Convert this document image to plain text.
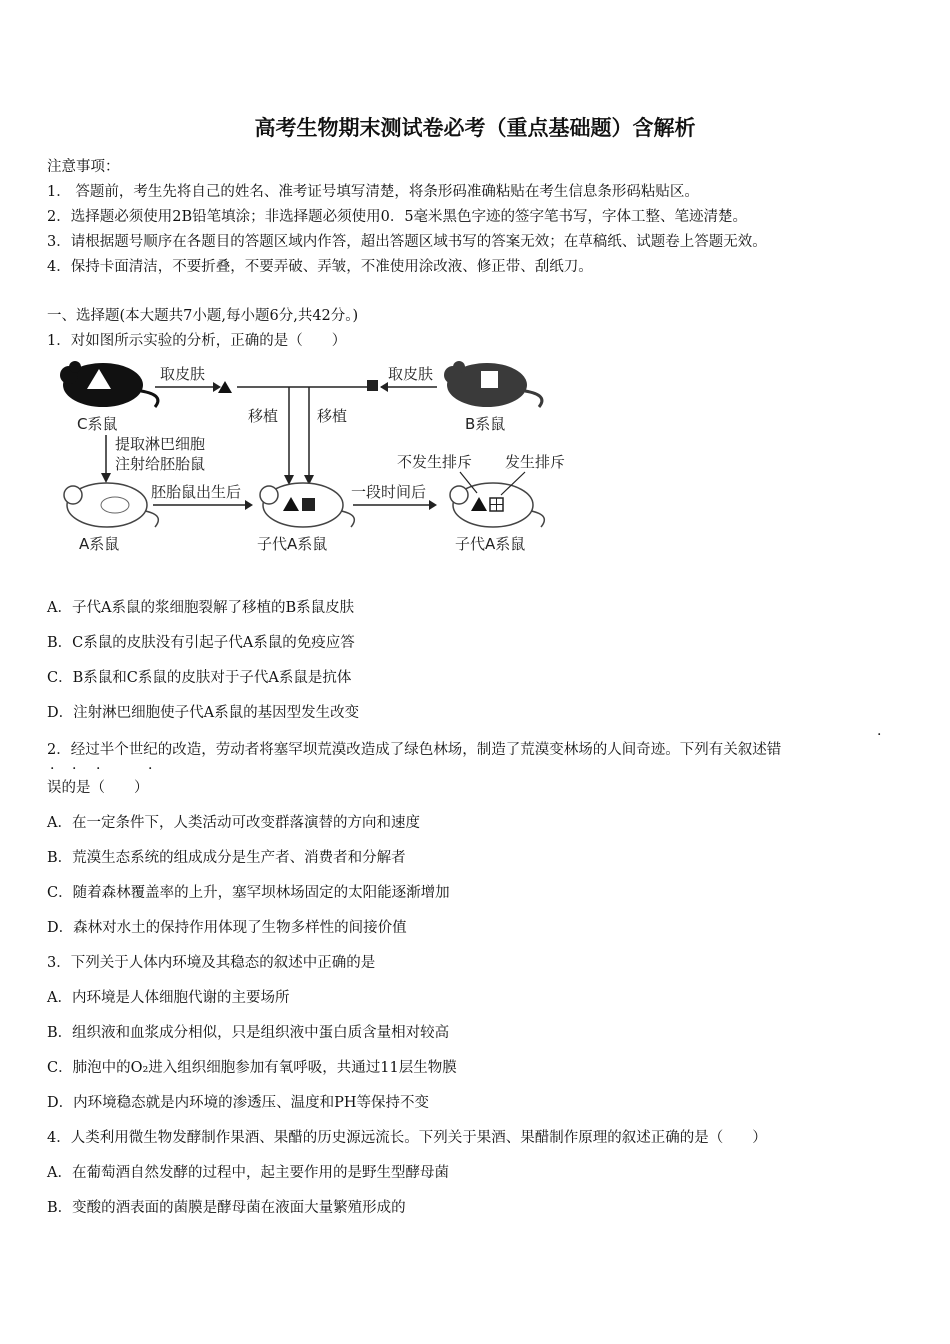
高考生物期末测试卷必考（重点基础题）含解析
注意事项：
1． 答题前，考生先将自己的姓名、准考证号填写清楚，将条形码准确粘贴在考生信息条形码粘贴区。
2．选择题必须使用2B铅笔填涂；非选择题必须使用0．5毫米黑色字迹的签字笔书写，字体工整、笔迹清楚。
3．请根据题号顺序在各题目的答题区域内作答，超出答题区域书写的答案无效；在草稿纸、试题卷上答题无效。
4．保持卡面清洁，不要折叠，不要弄破、弄皱，不准使用涂改液、修正带、刮纸刀。
一、选择题(本大题共7小题,每小题6分,共42分。)
1．对如图所示实验的分析，正确的是（　　）
C系鼠	B系鼠
取皮肤	取皮肤
移植	移植
提取淋巴细胞
注射给胚胎鼠
A系鼠
胚胎鼠出生后
子代A系鼠
一段时间后
子代A系鼠
不发生排斥 发生排斥
A．子代A系鼠的浆细胞裂解了移植的B系鼠皮肤
B．C系鼠的皮肤没有引起子代A系鼠的免疫应答
C．B系鼠和C系鼠的皮肤对于子代A系鼠是抗体
D．注射淋巴细胞使子代A系鼠的基因型发生改变
2．经过半个世纪的改造，劳动者将塞罕坝荒漠改造成了绿色林场，制造了荒漠变林场的人间奇迹。下列有关叙述错
·
· · ·	·
误的是（　　）
A．在一定条件下，人类活动可改变群落演替的方向和速度
B．荒漠生态系统的组成成分是生产者、消费者和分解者
C．随着森林覆盖率的上升，塞罕坝林场固定的太阳能逐渐增加
D．森林对水土的保持作用体现了生物多样性的间接价值
3．下列关于人体内环境及其稳态的叙述中正确的是
A．内环境是人体细胞代谢的主要场所
B．组织液和血浆成分相似，只是组织液中蛋白质含量相对较高
C．肺泡中的O₂进入组织细胞参加有氧呼吸，共通过11层生物膜
D．内环境稳态就是内环境的渗透压、温度和PH等保持不变
4．人类利用微生物发酵制作果酒、果醋的历史源远流长。下列关于果酒、果醋制作原理的叙述正确的是（　　）
A．在葡萄酒自然发酵的过程中，起主要作用的是野生型酵母菌
B．变酸的酒表面的菌膜是酵母菌在液面大量繁殖形成的
